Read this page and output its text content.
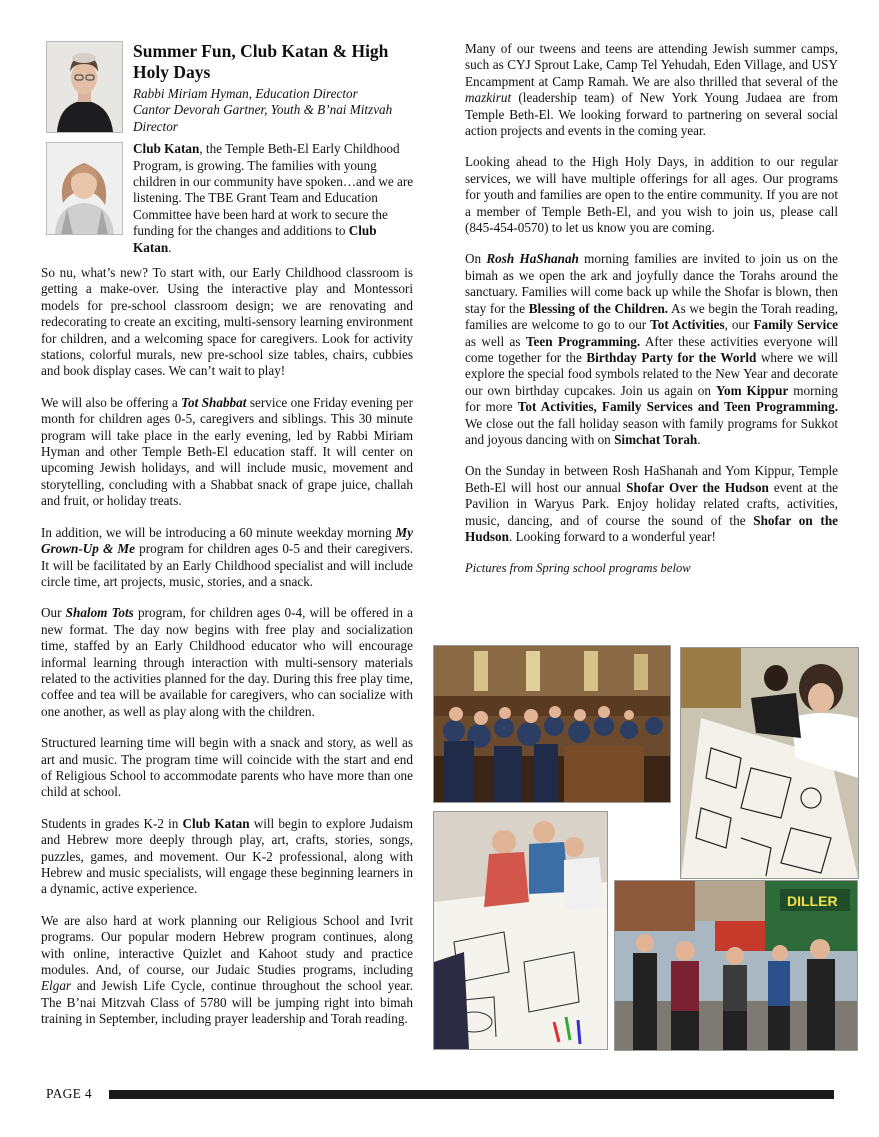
Summer Fun, Club Katan & High Holy Days

Rabbi Miriam Hyman, Education Director

Cantor Devorah Gartner, Youth & B’nai Mitzvah Director

Club Katan, the Temple Beth-El Early Childhood Program, is growing. The families with young children in our community have spoken…and we are listening. The TBE Grant Team and Education Committee have been hard at work to secure the funding for the changes and additions to Club Katan.

So nu, what’s new? To start with, our Early Childhood classroom is getting a make-over. Using the interactive play and Montessori models for pre-school classroom design; we are renovating and redecorating to create an exciting, multi-sensory learning environment for children, and a welcoming space for caregivers. Look for activity stations, colorful murals, new pre-school size tables, chairs, cubbies and book display cases. We can’t wait to play!

We will also be offering a Tot Shabbat service one Friday evening per month for children ages 0-5, caregivers and siblings. This 30 minute program will take place in the early evening, led by Rabbi Miriam Hyman and other Temple Beth-El education staff. It will center on upcoming Jewish holidays, and will include music, movement and storytelling, concluding with a Shabbat snack of grape juice, challah and fruit, or holiday treats.

In addition, we will be introducing a 60 minute weekday morning My Grown-Up & Me program for children ages 0-5 and their caregivers. It will be facilitated by an Early Childhood specialist and will include circle time, art projects, music, stories, and a snack.

Our Shalom Tots program, for children ages 0-4, will be offered in a new format. The day now begins with free play and socialization time, staffed by an Early Childhood educator who will encourage informal learning through interaction with multi-sensory materials related to the activities planned for the day. During this free play time, coffee and tea will be available for caregivers, who can socialize with one another, as well as play along with the children.

Structured learning time will begin with a snack and story, as well as art and music. The program time will coincide with the start and end of Religious School to accommodate parents who have more than one child at school.

Students in grades K-2 in Club Katan will begin to explore Judaism and Hebrew more deeply through play, art, crafts, stories, songs, puzzles, games, and movement. Our K-2 professional, along with Hebrew and music specialists, will engage these beginning learners in a dynamic, active experience.

We are also hard at work planning our Religious School and Ivrit programs. Our popular modern Hebrew program continues, along with online, interactive Quizlet and Kahoot study and practice modules. And, of course, our Judaic Studies programs, including Elgar and Jewish Life Cycle, continue throughout the school year. The B’nai Mitzvah Class of 5780 will be jumping right into bimah training in September, including prayer leadership and Torah reading.

Many of our tweens and teens are attending Jewish summer camps, such as CYJ Sprout Lake, Camp Tel Yehudah, Eden Village, and USY Encampment at Camp Ramah. We are also thrilled that several of the mazkirut (leadership team) of New York Young Judaea are from Temple Beth-El. We looking forward to partnering on several social action projects and events in the coming year.

Looking ahead to the High Holy Days, in addition to our regular services, we will have multiple offerings for all ages. Our programs for youth and families are open to the entire community. If you are not a member of Temple Beth-El, and you wish to join us, please call (845-454-0570) to let us know you are coming.

On Rosh HaShanah morning families are invited to join us on the bimah as we open the ark and joyfully dance the Torahs around the sanctuary. Families will come back up while the Shofar is blown, then stay for the Blessing of the Children. As we begin the Torah reading, families are welcome to go to our Tot Activities, our Family Service as well as Teen Programming. After these activities everyone will come together for the Birthday Party for the World where we will explore the special food symbols related to the New Year and decorate our own birthday cupcakes. Join us again on Yom Kippur morning for more Tot Activities, Family Services and Teen Programming. We close out the fall holiday season with family programs for Sukkot and joyous dancing with on Simchat Torah.

On the Sunday in between Rosh HaShanah and Yom Kippur, Temple Beth-El will host our annual Shofar Over the Hudson event at the Pavilion in Waryus Park. Enjoy holiday related crafts, activities, music, dancing, and of course the sound of the Shofar on the Hudson. Looking forward to a wonderful year!

Pictures from Spring school programs below

DILLER
PAGE 4
